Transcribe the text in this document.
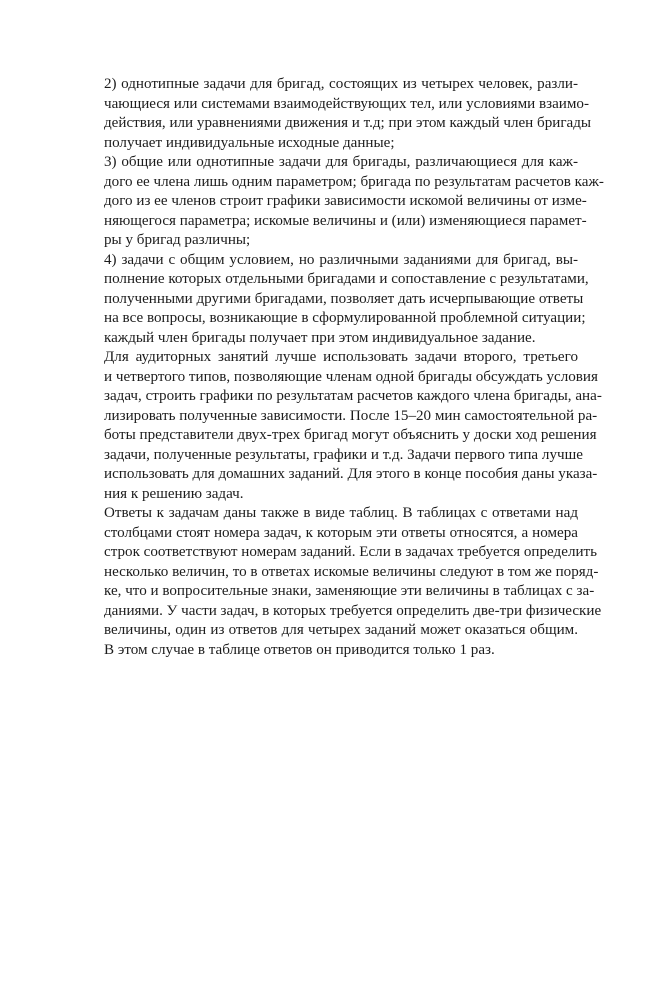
2) однотипные задачи для бригад, состоящих из четырех человек, разли-
чающиеся или системами взаимодействующих тел, или условиями взаимо-
действия, или уравнениями движения и т.д; при этом каждый член бригады
получает индивидуальные исходные данные;

3) общие или однотипные задачи для бригады, различающиеся для каж-
дого ее члена лишь одним параметром; бригада по результатам расчетов каж-
дого из ее членов строит графики зависимости искомой величины от изме-
няющегося параметра; искомые величины и (или) изменяющиеся парамет-
ры у бригад различны;

4) задачи с общим условием, но различными заданиями для бригад, вы-
полнение которых отдельными бригадами и сопоставление с результатами,
полученными другими бригадами, позволяет дать исчерпывающие ответы
на все вопросы, возникающие в сформулированной проблемной ситуации;
каждый член бригады получает при этом индивидуальное задание.

Для аудиторных занятий лучше использовать задачи второго, третьего
и четвертого типов, позволяющие членам одной бригады обсуждать условия
задач, строить графики по результатам расчетов каждого члена бригады, ана-
лизировать полученные зависимости. После 15–20 мин самостоятельной ра-
боты представители двух-трех бригад могут объяснить у доски ход решения
задачи, полученные результаты, графики и т.д. Задачи первого типа лучше
использовать для домашних заданий. Для этого в конце пособия даны указа-
ния к решению задач.

Ответы к задачам даны также в виде таблиц. В таблицах с ответами над
столбцами стоят номера задач, к которым эти ответы относятся, а номера
строк соответствуют номерам заданий. Если в задачах требуется определить
несколько величин, то в ответах искомые величины следуют в том же поряд-
ке, что и вопросительные знаки, заменяющие эти величины в таблицах с за-
даниями. У части задач, в которых требуется определить две-три физические
величины, один из ответов для четырех заданий может оказаться общим.
В этом случае в таблице ответов он приводится только 1 раз.
